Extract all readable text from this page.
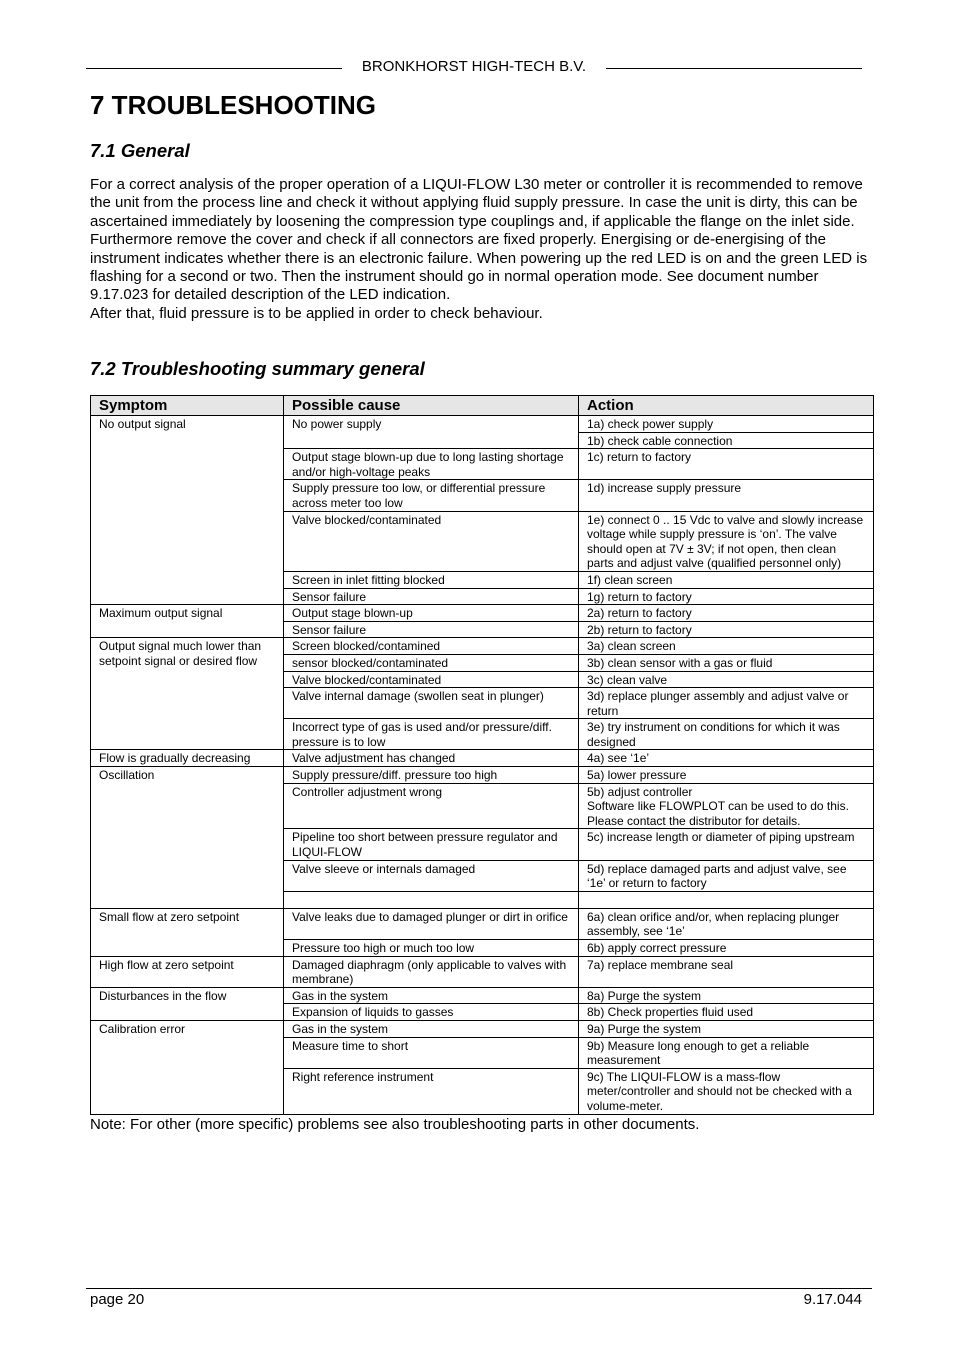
BRONKHORST HIGH-TECH B.V.
7 TROUBLESHOOTING
7.1 General

For a correct analysis of the proper operation of a LIQUI-FLOW L30 meter or controller it is recommended to remove the unit from the process line and check it without applying fluid supply pressure. In case the unit is dirty, this can be ascertained immediately by loosening the compression type couplings and, if applicable the flange on the inlet side.

Furthermore remove the cover and check if all connectors are fixed properly. Energising or de-energising of the instrument indicates whether there is an electronic failure. When powering up the red LED is on and the green LED is flashing for a second or two. Then the instrument should go in normal operation mode. See document number 9.17.023 for detailed description of the LED indication.

After that, fluid pressure is to be applied in order to check behaviour.

7.2 Troubleshooting summary general
Symptom	Possible cause	Action
No output signal	No power supply	1a) check power supply
		1b) check cable connection
	Output stage blown-up due to long lasting shortage and/or high-voltage peaks	1c) return to factory
	Supply pressure too low, or differential pressure across meter too low	1d) increase supply pressure
	Valve blocked/contaminated	1e) connect 0 .. 15 Vdc to valve and slowly increase voltage while supply pressure is ‘on’. The valve should open at 7V ± 3V; if not open, then clean parts and adjust valve (qualified personnel only)
	Screen in inlet fitting blocked	1f) clean screen
	Sensor failure	1g) return to factory
Maximum output signal	Output stage blown-up	2a) return to factory
	Sensor failure	2b) return to factory
Output signal much lower than setpoint signal or desired flow	Screen blocked/contamined	3a) clean screen
	sensor blocked/contaminated	3b) clean sensor with a gas or fluid
	Valve blocked/contaminated	3c) clean valve
	Valve internal damage (swollen seat in plunger)	3d) replace plunger assembly and adjust valve or return
	Incorrect type of gas is used and/or pressure/diff. pressure is to low	3e) try instrument on conditions for which it was designed
Flow is gradually decreasing	Valve adjustment has changed	4a) see ‘1e’
Oscillation	Supply pressure/diff. pressure too high	5a) lower pressure
	Controller adjustment wrong	5b) adjust controller
Software like FLOWPLOT can be used to do this. Please contact the distributor for details.
	Pipeline too short between pressure regulator and LIQUI-FLOW	5c) increase length or diameter of piping upstream
	Valve sleeve or internals damaged	5d) replace damaged parts and adjust valve, see ‘1e’ or return to factory

Small flow at zero setpoint	Valve leaks due to damaged plunger or dirt in orifice	6a) clean orifice and/or, when replacing plunger assembly, see ‘1e’
	Pressure too high or much too low	6b) apply correct pressure
High flow at zero setpoint	Damaged diaphragm (only applicable to valves with membrane)	7a) replace membrane seal
Disturbances in the flow	Gas in the system	8a) Purge the system
	Expansion of liquids to gasses	8b) Check properties fluid used
Calibration error	Gas in the system	9a) Purge the system
	Measure time to short	9b) Measure long enough to get a reliable measurement
	Right reference instrument	9c) The LIQUI-FLOW is a mass-flow meter/controller and should not be checked with a volume-meter.
Note: For other (more specific) problems see also troubleshooting parts in other documents.
page 20	9.17.044
